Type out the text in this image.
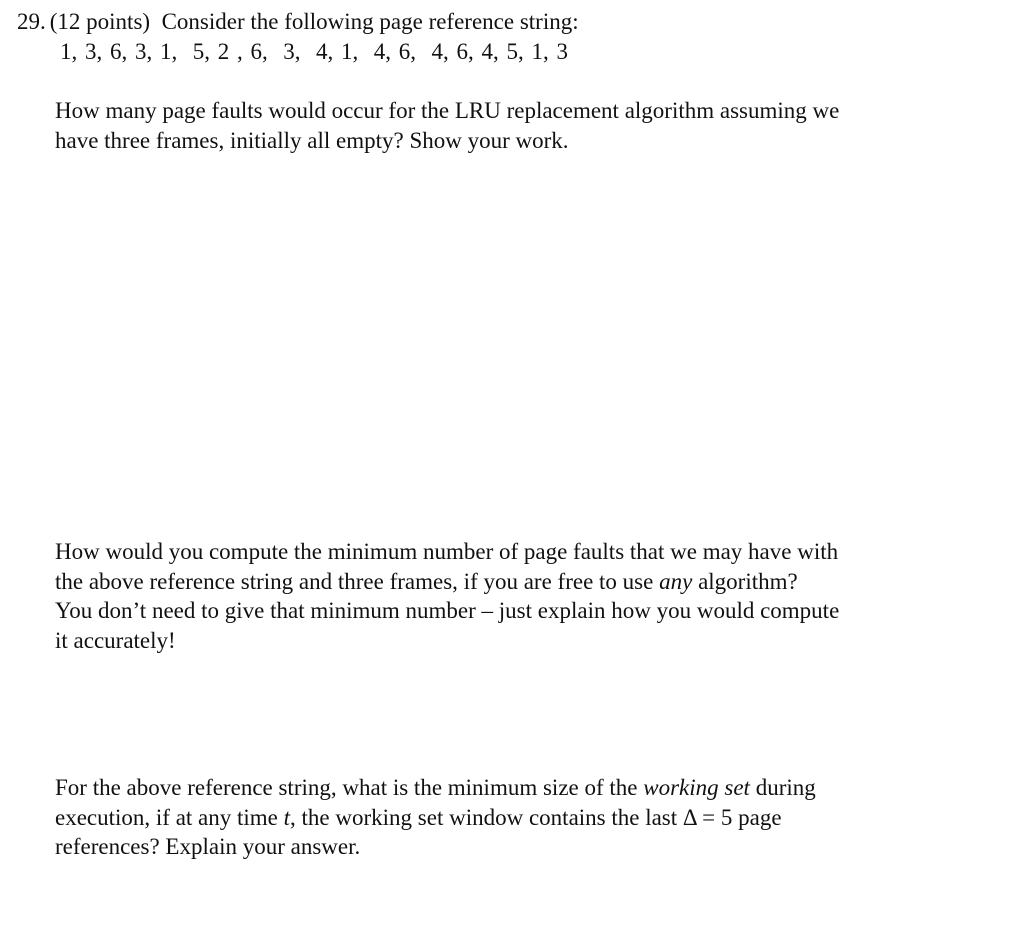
29. (12 points) Consider the following page reference string:

1, 3, 6, 3, 1,  5, 2 , 6,  3,  4, 1,  4, 6,  4, 6, 4, 5, 1, 3

How many page faults would occur for the LRU replacement algorithm assuming we
have three frames, initially all empty? Show your work.
How would you compute the minimum number of page faults that we may have with
the above reference string and three frames, if you are free to use any algorithm?
You don’t need to give that minimum number – just explain how you would compute
it accurately!
For the above reference string, what is the minimum size of the working set during
execution, if at any time t, the working set window contains the last Δ = 5 page
references? Explain your answer.
